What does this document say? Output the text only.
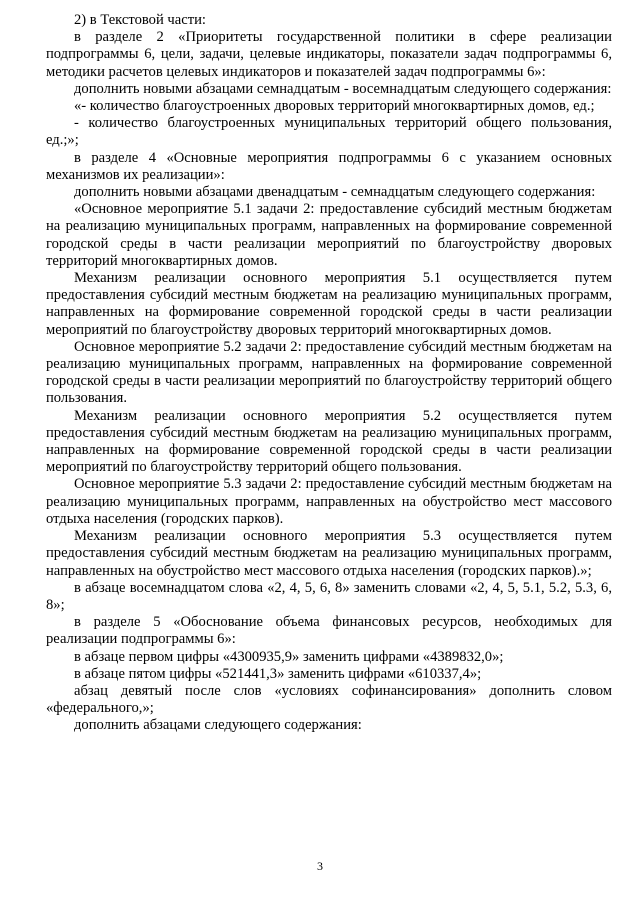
2) в Текстовой части:

в разделе 2 «Приоритеты государственной политики в сфере реализации подпрограммы 6, цели, задачи, целевые индикаторы, показатели задач подпрограммы 6, методики расчетов целевых индикаторов и показателей задач подпрограммы 6»:

дополнить новыми абзацами семнадцатым - восемнадцатым следующего содержания:

«- количество благоустроенных дворовых территорий многоквартирных домов, ед.;

- количество благоустроенных муниципальных территорий общего пользования, ед.;»;

в разделе 4 «Основные мероприятия подпрограммы 6 с указанием основных механизмов их реализации»:

дополнить новыми абзацами двенадцатым - семнадцатым следующего содержания:

«Основное мероприятие 5.1 задачи 2: предоставление субсидий местным бюджетам на реализацию муниципальных программ, направленных на формирование современной городской среды в части реализации мероприятий по благоустройству дворовых территорий многоквартирных домов.

Механизм реализации основного мероприятия 5.1 осуществляется путем предоставления субсидий местным бюджетам на реализацию муниципальных программ, направленных на формирование современной городской среды в части реализации мероприятий по благоустройству дворовых территорий многоквартирных домов.

Основное мероприятие 5.2 задачи 2: предоставление субсидий местным бюджетам на реализацию муниципальных программ, направленных на формирование современной городской среды в части реализации мероприятий по благоустройству территорий общего пользования.

Механизм реализации основного мероприятия 5.2 осуществляется путем предоставления субсидий местным бюджетам на реализацию муниципальных программ, направленных на формирование современной городской среды в части реализации мероприятий по благоустройству территорий общего пользования.

Основное мероприятие 5.3 задачи 2: предоставление субсидий местным бюджетам на реализацию муниципальных программ, направленных на обустройство мест массового отдыха населения (городских парков).

Механизм реализации основного мероприятия 5.3 осуществляется путем предоставления субсидий местным бюджетам на реализацию муниципальных программ, направленных на обустройство мест массового отдыха населения (городских парков).»;

в абзаце восемнадцатом слова «2, 4, 5, 6, 8» заменить словами «2, 4, 5, 5.1, 5.2, 5.3, 6, 8»;

в разделе 5 «Обоснование объема финансовых ресурсов, необходимых для реализации подпрограммы 6»:

в абзаце первом цифры «4300935,9» заменить цифрами «4389832,0»;

в абзаце пятом цифры «521441,3» заменить цифрами «610337,4»;

абзац девятый после слов «условиях софинансирования» дополнить словом «федерального,»;

дополнить абзацами следующего содержания:

3
